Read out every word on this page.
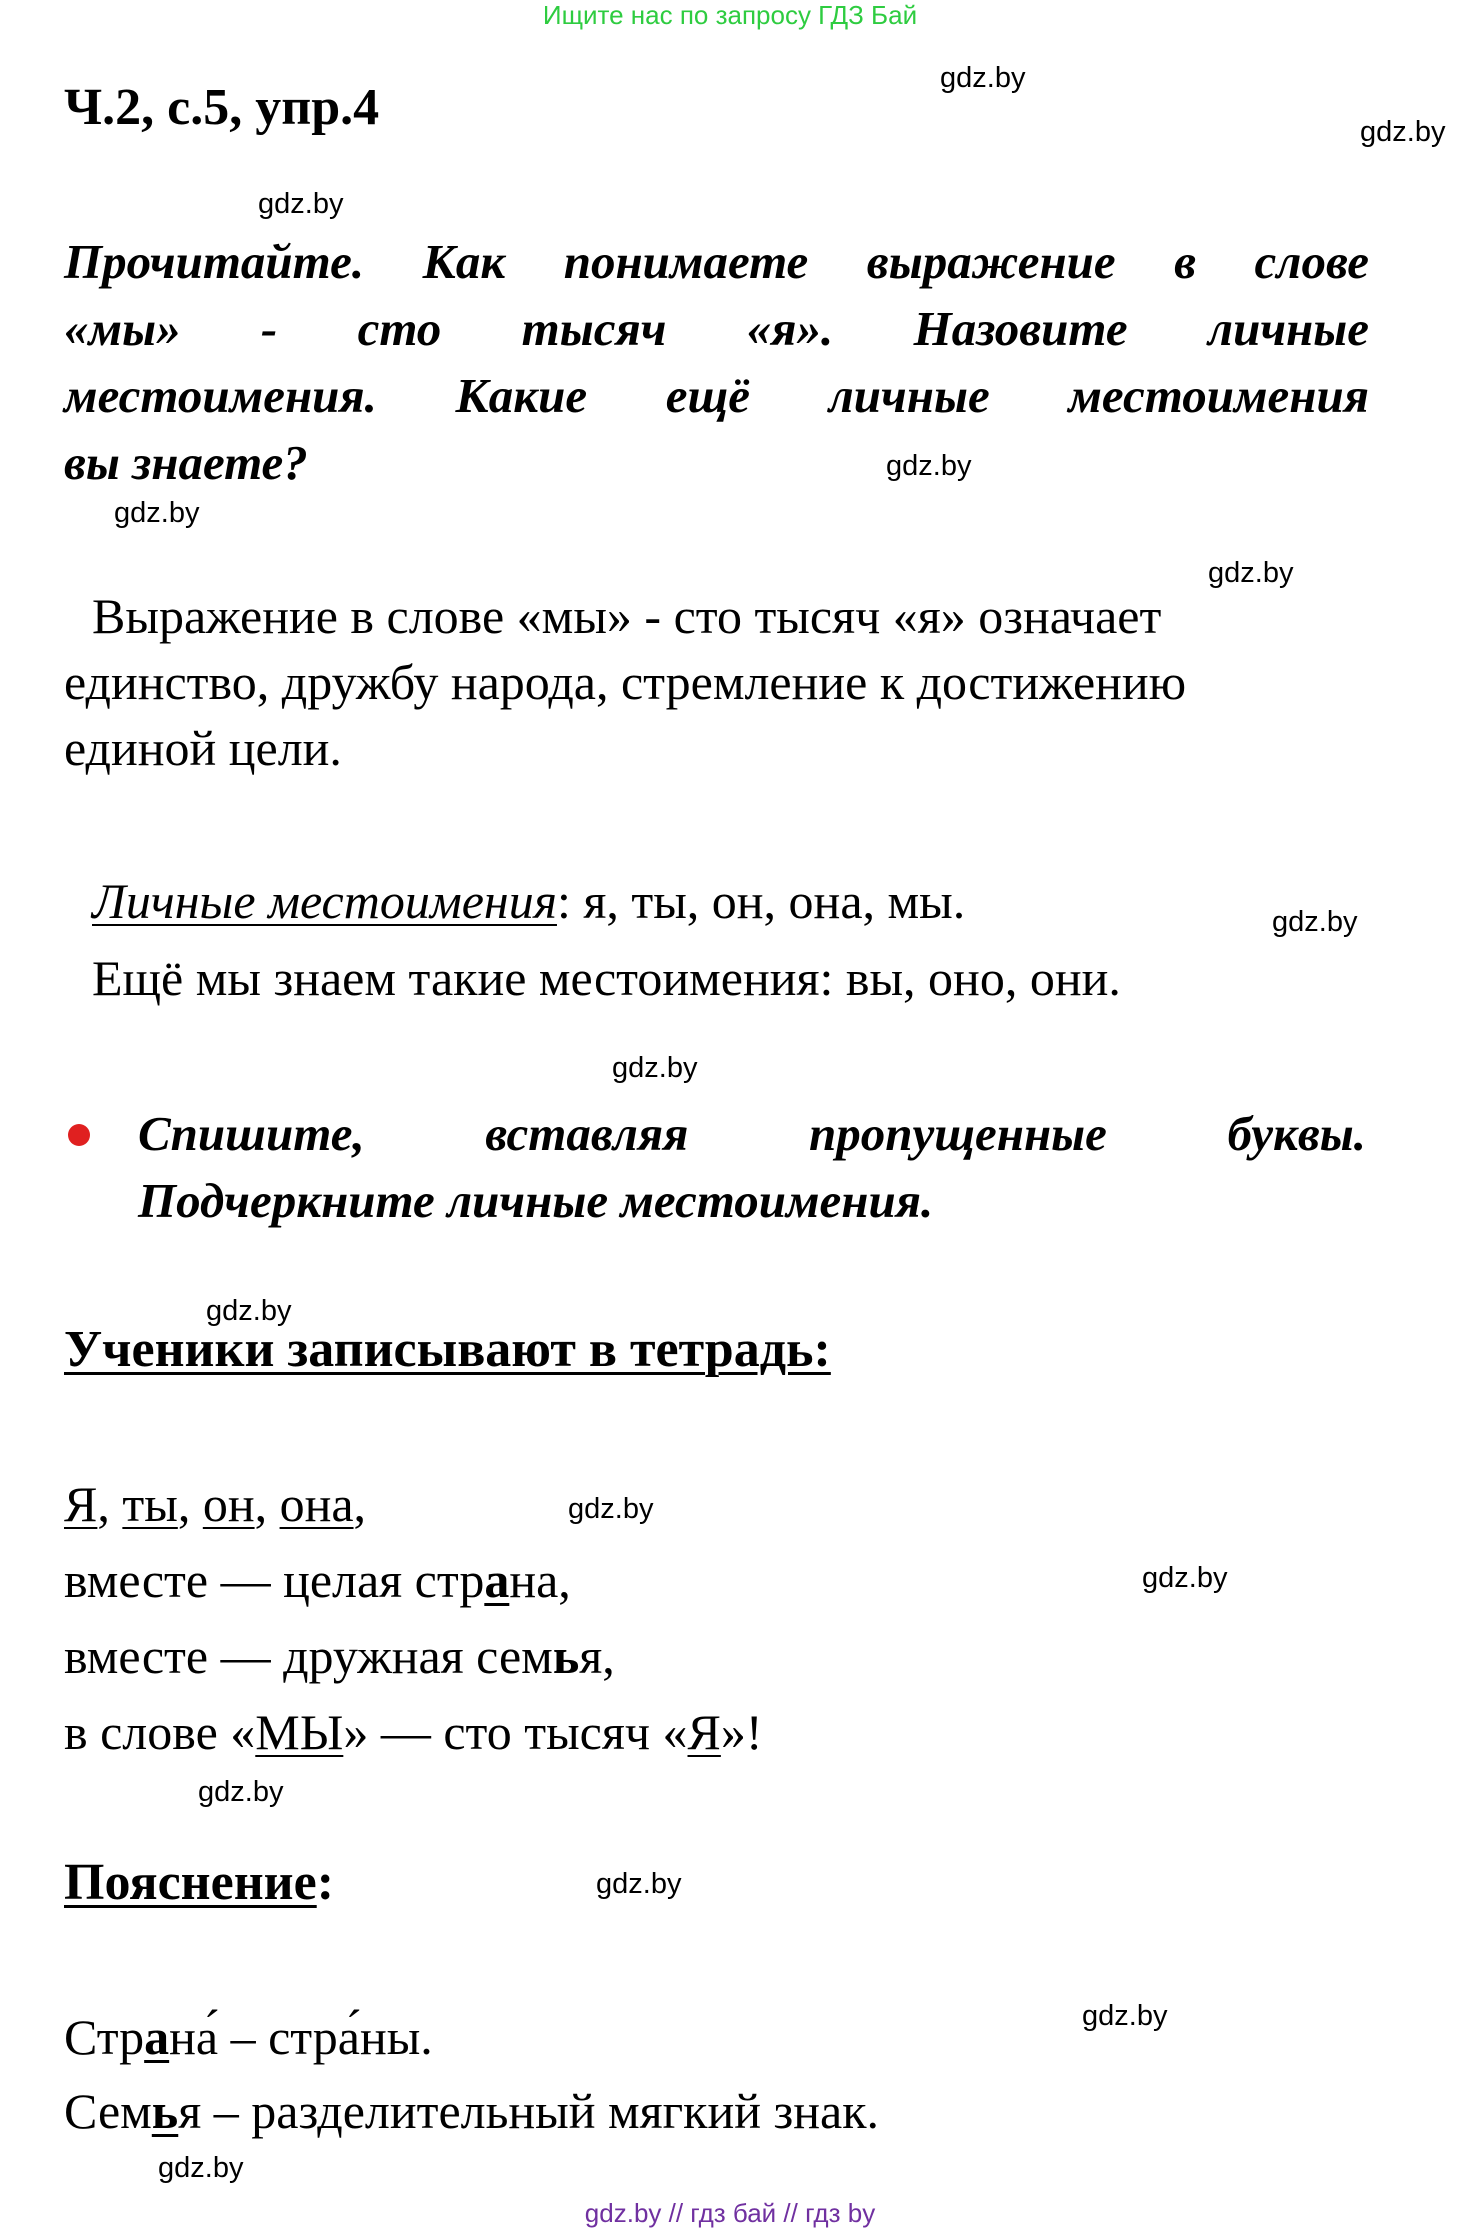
Ищите нас по запросу ГДЗ Бай
Ч.2, с.5, упр.4
gdz.by
gdz.by
gdz.by
gdz.by
gdz.by
gdz.by
gdz.by
gdz.by
gdz.by
gdz.by
gdz.by
gdz.by
gdz.by
gdz.by
gdz.by
Прочитайте. Как понимаете выражение в слове
«мы» - сто тысяч «я». Назовите личные
местоимения. Какие ещё личные местоимения
вы знаете?
Выражение в слове «мы» - сто тысяч «я» означает
единство, дружбу народа, стремление к достижению
единой цели.
Личные местоимения: я, ты, он, она, мы.
Ещё мы знаем такие местоимения: вы, оно, они.
Спишите, вставляя пропущенные буквы.
Подчеркните личные местоимения.
Ученики записывают в тетрадь:
Я, ты, он, она,
вместе — целая страна,
вместе — дружная семья,
в слове «МЫ» — сто тысяч «Я»!
Пояснение:
Страна́ – стра́ны.
Семья – разделительный мягкий знак.
gdz.by // гдз бай // гдз by
